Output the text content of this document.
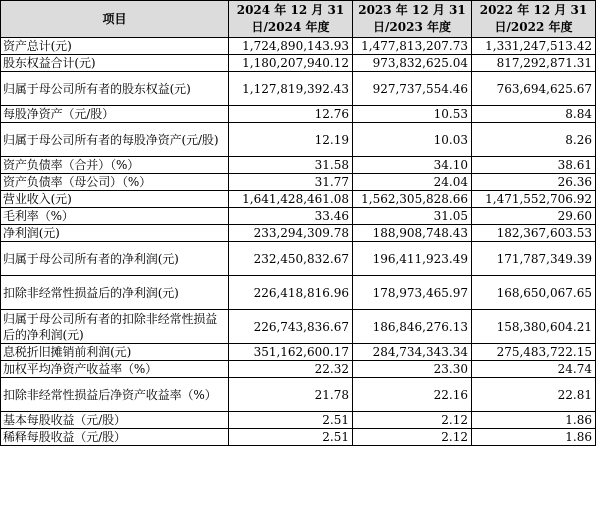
项目	2024 年 12 月 31 日/2024 年度	2023 年 12 月 31 日/2023 年度	2022 年 12 月 31 日/2022 年度
资产总计(元)	1,724,890,143.93	1,477,813,207.73	1,331,247,513.42
股东权益合计(元)	1,180,207,940.12	973,832,625.04	817,292,871.31
归属于母公司所有者的股东权益(元)	1,127,819,392.43	927,737,554.46	763,694,625.67
每股净资产（元/股）	12.76	10.53	8.84
归属于母公司所有者的每股净资产(元/股)	12.19	10.03	8.26
资产负债率（合并）（%）	31.58	34.10	38.61
资产负债率（母公司）（%）	31.77	24.04	26.36
营业收入(元)	1,641,428,461.08	1,562,305,828.66	1,471,552,706.92
毛利率（%）	33.46	31.05	29.60
净利润(元)	233,294,309.78	188,908,748.43	182,367,603.53
归属于母公司所有者的净利润(元)	232,450,832.67	196,411,923.49	171,787,349.39
扣除非经常性损益后的净利润(元)	226,418,816.96	178,973,465.97	168,650,067.65
归属于母公司所有者的扣除非经常性损益后的净利润(元)	226,743,836.67	186,846,276.13	158,380,604.21
息税折旧摊销前利润(元)	351,162,600.17	284,734,343.34	275,483,722.15
加权平均净资产收益率（%）	22.32	23.30	24.74
扣除非经常性损益后净资产收益率（%）	21.78	22.16	22.81
基本每股收益（元/股）	2.51	2.12	1.86
稀释每股收益（元/股）	2.51	2.12	1.86
